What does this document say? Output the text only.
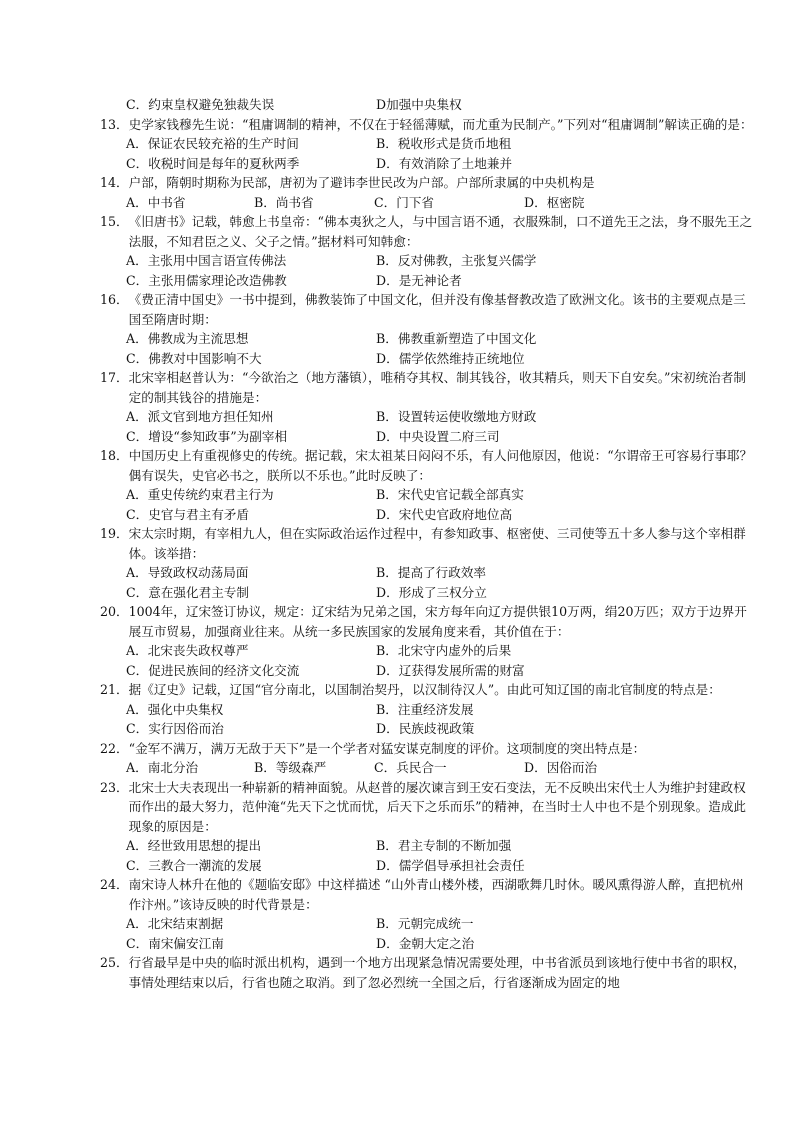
C．约束皇权避免独裁失误	D加强中央集权
13． 史学家钱穆先生说：“租庸调制的精神，不仅在于轻徭薄赋，而尤重为民制产。”下列对“租庸调制”解读正确的是：
A．保证农民较充裕的生产时间	B．税收形式是货币地租
C．收税时间是每年的夏秋两季	D．有效消除了土地兼并
14． 户部，隋朝时期称为民部，唐初为了避讳李世民改为户部。户部所隶属的中央机构是
A．中书省	B．尚书省	C．门下省	D．枢密院
15． 《旧唐书》记载，韩愈上书皇帝：“佛本夷狄之人，与中国言语不通，衣服殊制，口不道先王之法，身不服先王之法服，不知君臣之义、父子之情。”据材料可知韩愈：
A．主张用中国言语宣传佛法	B．反对佛教，主张复兴儒学
C．主张用儒家理论改造佛教	D．是无神论者
16． 《费正清中国史》一书中提到，佛教装饰了中国文化，但并没有像基督教改造了欧洲文化。该书的主要观点是三国至隋唐时期：
A．佛教成为主流思想	B．佛教重新塑造了中国文化
C．佛教对中国影响不大	D．儒学依然维持正统地位
17． 北宋宰相赵普认为：“今欲治之（地方藩镇），唯稍夺其权、制其钱谷，收其精兵，则天下自安矣。”宋初统治者制定的制其钱谷的措施是：
A．派文官到地方担任知州	B．设置转运使收缴地方财政
C．增设“参知政事”为副宰相	D．中央设置二府三司
18． 中国历史上有重视修史的传统。据记载，宋太祖某日闷闷不乐，有人问他原因，他说：“尔谓帝王可容易行事耶？偶有误失，史官必书之，朕所以不乐也。”此时反映了：
A．重史传统约束君主行为	B．宋代史官记载全部真实
C．史官与君主有矛盾	D．宋代史官政府地位高
19． 宋太宗时期，有宰相九人，但在实际政治运作过程中，有参知政事、枢密使、三司使等五十多人参与这个宰相群体。该举措：
A．导致政权动荡局面	B．提高了行政效率
C．意在强化君主专制	D．形成了三权分立
20． 1004年，辽宋签订协议，规定：辽宋结为兄弟之国，宋方每年向辽方提供银10万两，绢20万匹；双方于边界开展互市贸易，加强商业往来。从统一多民族国家的发展角度来看，其价值在于：
A．北宋丧失政权尊严	B．北宋守内虚外的后果
C．促进民族间的经济文化交流	D．辽获得发展所需的财富
21． 据《辽史》记载，辽国“官分南北，以国制治契丹，以汉制待汉人”。由此可知辽国的南北官制度的特点是：
A．强化中央集权	B．注重经济发展
C．实行因俗而治	D．民族歧视政策
22． “金军不满万，满万无敌于天下”是一个学者对猛安谋克制度的评价。这项制度的突出特点是：
A．南北分治	B．等级森严	C．兵民合一	D．因俗而治
23． 北宋士大夫表现出一种崭新的精神面貌。从赵普的屡次谏言到王安石变法，无不反映出宋代士人为维护封建政权而作出的最大努力，范仲淹“先天下之忧而忧，后天下之乐而乐”的精神，在当时士人中也不是个别现象。造成此现象的原因是：
A．经世致用思想的提出	B．君主专制的不断加强
C．三教合一潮流的发展	D．儒学倡导承担社会责任
24． 南宋诗人林升在他的《题临安邸》中这样描述 “山外青山楼外楼，西湖歌舞几时休。暖风熏得游人醉，直把杭州作汴州。”该诗反映的时代背景是：
A．北宋结束割据	B．元朝完成统一
C．南宋偏安江南	D．金朝大定之治
25． 行省最早是中央的临时派出机构，遇到一个地方出现紧急情况需要处理，中书省派员到该地行使中书省的职权，事情处理结束以后，行省也随之取消。到了忽必烈统一全国之后，行省逐渐成为固定的地
